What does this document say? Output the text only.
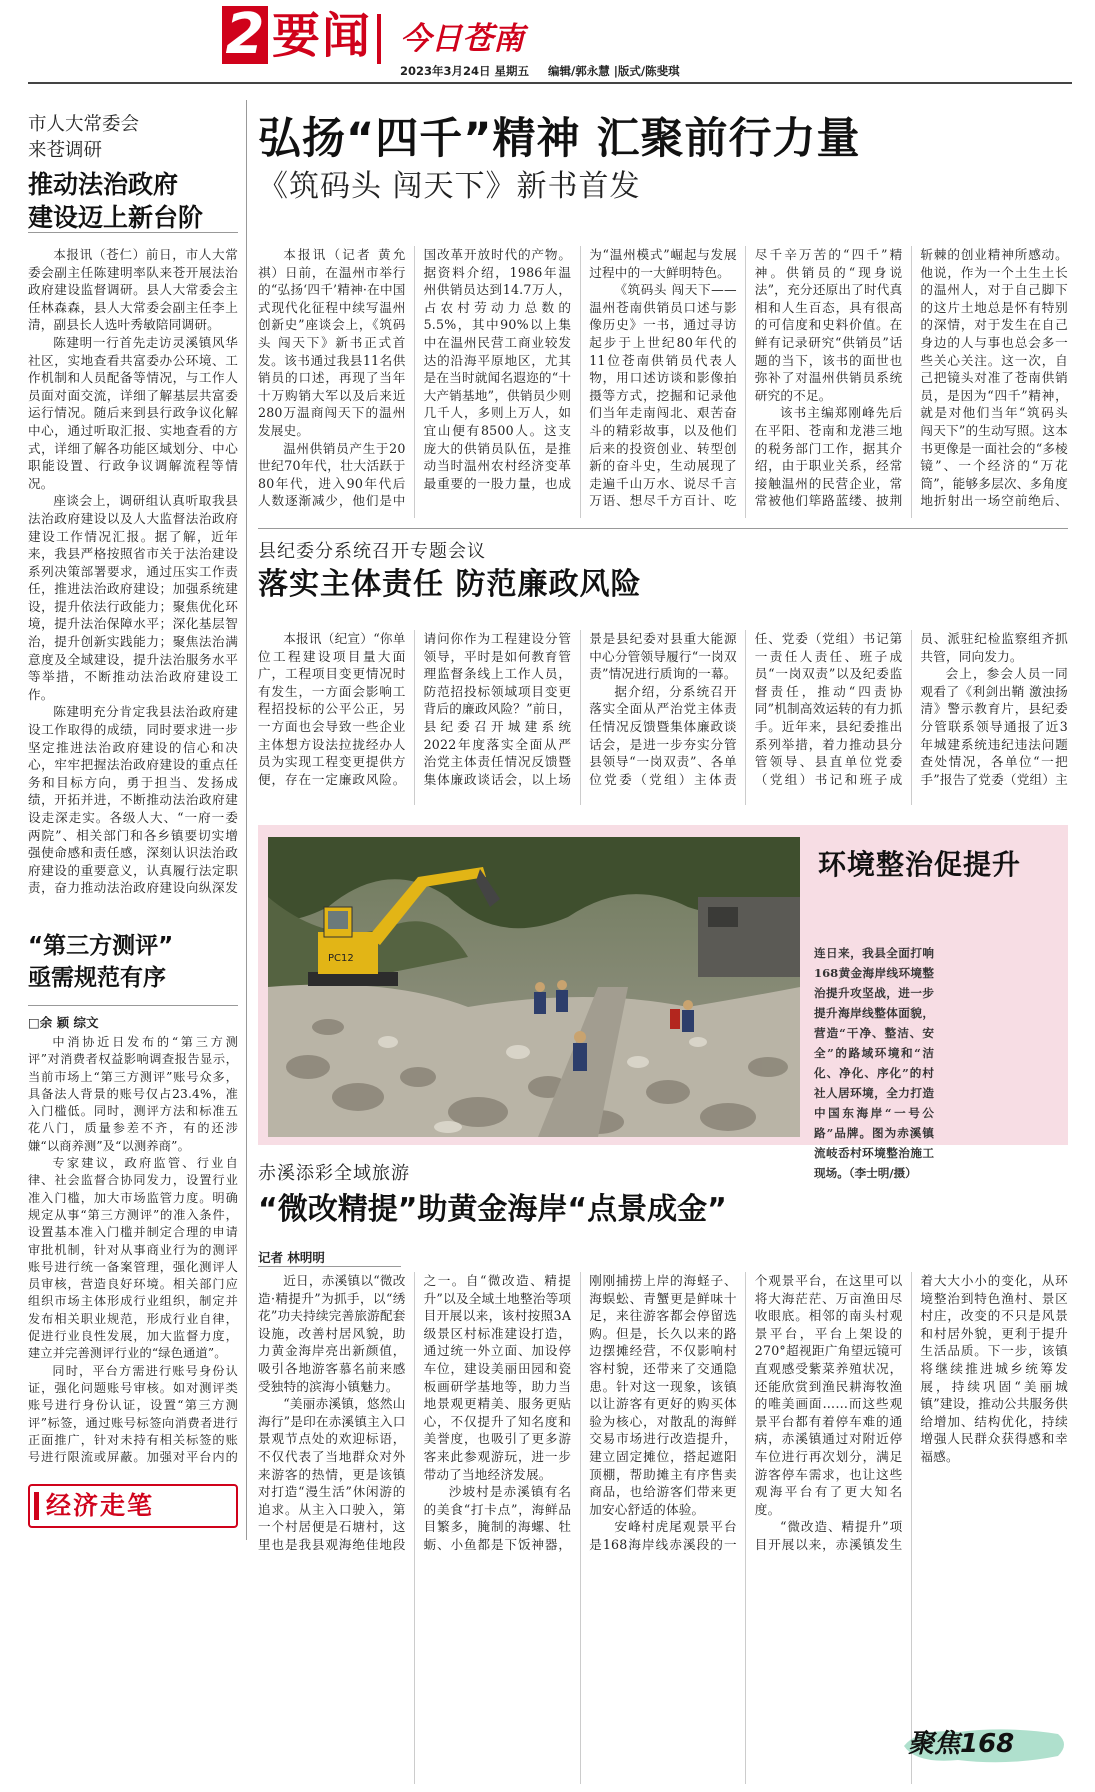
2 要闻 今日苍南
2023年3月24日 星期五 编辑/郭永慧 |版式/陈斐琪
市人大常委会
来苍调研
推动法治政府
建设迈上新台阶

本报讯（苍仁）前日，市人大常委会副主任陈建明率队来苍开展法治政府建设监督调研。县人大常委会主任林森森，县人大常委会副主任李上清，副县长人选叶秀敏陪同调研。

陈建明一行首先走访灵溪镇风华社区，实地查看共富委办公环境、工作机制和人员配备等情况，与工作人员面对面交流，详细了解基层共富委运行情况。随后来到县行政争议化解中心，通过听取汇报、实地查看的方式，详细了解各功能区域划分、中心职能设置、行政争议调解流程等情况。

座谈会上，调研组认真听取我县法治政府建设以及人大监督法治政府建设工作情况汇报。据了解，近年来，我县严格按照省市关于法治建设系列决策部署要求，通过压实工作责任，推进法治政府建设；加强系统建设，提升依法行政能力；聚焦优化环境，提升法治保障水平；深化基层智治，提升创新实践能力；聚焦法治满意度及全域建设，提升法治服务水平等举措，不断推动法治政府建设工作。

陈建明充分肯定我县法治政府建设工作取得的成绩，同时要求进一步坚定推进法治政府建设的信心和决心，牢牢把握法治政府建设的重点任务和目标方向，勇于担当、发扬成绩，开拓并进，不断推动法治政府建设走深走实。各级人大、“一府一委两院”、相关部门和各乡镇要切实增强使命感和责任感，深刻认识法治政府建设的重要意义，认真履行法定职责，奋力推动法治政府建设向纵深发

“第三方测评”
亟需规范有序
□余 颖 综文

中消协近日发布的“第三方测评”对消费者权益影响调查报告显示，当前市场上“第三方测评”账号众多，具备法人背景的账号仅占23.4%，准入门槛低。同时，测评方法和标准五花八门，质量参差不齐，有的还涉嫌“以商养测”及“以测养商”。

专家建议，政府监管、行业自律、社会监督合协同发力，设置行业准入门槛，加大市场监管力度。明确规定从事“第三方测评”的准入条件，设置基本准入门槛并制定合理的申请审批机制，针对从事商业行为的测评账号进行统一备案管理，强化测评人员审核，营造良好环境。相关部门应组织市场主体形成行业组织，制定并发布相关职业规范，形成行业自律，促进行业良性发展，加大监督力度，建立并完善测评行业的“绿色通道”。

同时，平台方需进行账号身份认证，强化问题账号审核。如对测评类账号进行身份认证，设置“第三方测评”标签，通过账号标签向消费者进行正面推广，针对未持有相关标签的账号进行限流或屏蔽。加强对平台内的

经济走笔
弘扬“四千”精神 汇聚前行力量
《筑码头 闯天下》新书首发

本报讯（记者 黄允祺）日前，在温州市举行的“弘扬‘四千’精神·在中国式现代化征程中续写温州创新史”座谈会上，《筑码头 闯天下》新书正式首发。该书通过我县11名供销员的口述，再现了当年十万购销大军以及后来近280万温商闯天下的温州发展史。

温州供销员产生于20世纪70年代，壮大活跃于80年代，进入90年代后人数逐渐减少，他们是中国改革开放时代的产物。据资料介绍，1986年温州供销员达到14.7万人，占农村劳动力总数的5.5%，其中90%以上集中在温州民营工商业较发达的沿海平原地区，尤其是在当时就闻名遐迩的“十大产销基地”，供销员少则几千人，多则上万人，如宜山便有8500人。这支庞大的供销员队伍，是推动当时温州农村经济变革最重要的一股力量，也成为“温州模式”崛起与发展过程中的一大鲜明特色。

《筑码头 闯天下——温州苍南供销员口述与影像历史》一书，通过寻访起步于上世纪80年代的11位苍南供销员代表人物，用口述访谈和影像拍摄等方式，挖掘和记录他们当年走南闯北、艰苦奋斗的精彩故事，以及他们后来的投资创业、转型创新的奋斗史，生动展现了走遍千山万水、说尽千言万语、想尽千方百计、吃尽千辛万苦的“四千”精神。供销员的“现身说法”，充分还原出了时代真相和人生百态，具有很高的可信度和史料价值。在鲜有记录研究“供销员”话题的当下，该书的面世也弥补了对温州供销员系统研究的不足。

该书主编郑刚峰先后在平阳、苍南和龙港三地的税务部门工作，据其介绍，由于职业关系，经常接触温州的民营企业，常常被他们筚路蓝缕、披荆斩棘的创业精神所感动。他说，作为一个土生土长的温州人，对于自己脚下的这片土地总是怀有特别的深情，对于发生在自己身边的人与事也总会多一些关心关注。这一次，自己把镜头对准了苍南供销员，是因为“四千”精神，就是对他们当年“筑码头 闯天下”的生动写照。这本书更像是一面社会的“多棱镜”、一个经济的“万花筒”，能够多层次、多角度地折射出一场空前绝后、

县纪委分系统召开专题会议
落实主体责任 防范廉政风险

本报讯（纪宣）“你单位工程建设项目量大面广，工程项目变更情况时有发生，一方面会影响工程招投标的公平公正，另一方面也会导致一些企业主体想方设法拉拢经办人员为实现工程变更提供方便，存在一定廉政风险。请问你作为工程建设分管领导，平时是如何教育管理监督条线上工作人员，防范招投标领域项目变更背后的廉政风险？”前日，县纪委召开城建系统2022年度落实全面从严治党主体责任情况反馈暨集体廉政谈话会，以上场景是县纪委对县重大能源中心分管领导履行“一岗双责”情况进行质询的一幕。

据介绍，分系统召开落实全面从严治党主体责任情况反馈暨集体廉政谈话会，是进一步夯实分管县领导“一岗双责”、各单位党委（党组）主体责任、党委（党组）书记第一责任人责任、班子成员“一岗双责”以及纪委监督责任，推动“四责协同”机制高效运转的有力抓手。近年来，县纪委推出系列举措，着力推动县分管领导、县直单位党委（党组）书记和班子成员、派驻纪检监察组齐抓共管，同向发力。

会上，参会人员一同观看了《利剑出鞘 激浊扬清》警示教育片，县纪委分管联系领导通报了近3年城建系统违纪违法问题查处情况，各单位“一把手”报告了党委（党组）主

PC12
环境整治促提升
连日来，我县全面打响168黄金海岸线环境整治提升攻坚战，进一步提升海岸线整体面貌，营造“干净、整洁、安全”的路域环境和“洁化、净化、序化”的村社人居环境，全力打造中国东海岸“一号公路”品牌。图为赤溪镇流岐岙村环境整治施工现场。（李士明/摄）
赤溪添彩全域旅游
“微改精提”助黄金海岸“点景成金”
记者 林明明

近日，赤溪镇以“微改造·精提升”为抓手，以“绣花”功夫持续完善旅游配套设施，改善村居风貌，助力黄金海岸亮出新颜值，吸引各地游客慕名前来感受独特的滨海小镇魅力。

“美丽赤溪镇，悠然山海行”是印在赤溪镇主入口景观节点处的欢迎标语，不仅代表了当地群众对外来游客的热情，更是该镇对打造“漫生活”休闲游的追求。从主入口驶入，第一个村居便是石塘村，这里也是我县观海绝佳地段之一。自“微改造、精提升”以及全域土地整治等项目开展以来，该村按照3A级景区村标准建设打造，通过统一外立面、加设停车位，建设美丽田园和瓷板画研学基地等，助力当地景观更精美、服务更贴心，不仅提升了知名度和美誉度，也吸引了更多游客来此参观游玩，进一步带动了当地经济发展。

沙坡村是赤溪镇有名的美食“打卡点”，海鲜品目繁多，腌制的海螺、牡蛎、小鱼都是下饭神器，刚刚捕捞上岸的海蛏子、海蜈蚣、青蟹更是鲜味十足，来往游客都会停留选购。但是，长久以来的路边摆摊经营，不仅影响村容村貌，还带来了交通隐患。针对这一现象，该镇以让游客有更好的购买体验为核心，对散乱的海鲜交易市场进行改造提升，建立固定摊位，搭起遮阳顶棚，帮助摊主有序售卖商品，也给游客们带来更加安心舒适的体验。

安峰村虎尾观景平台是168海岸线赤溪段的一个观景平台，在这里可以将大海茫茫、万亩渔田尽收眼底。相邻的南头村观景平台，平台上架设的270°超视距广角望远镜可直观感受紫菜养殖状况，还能欣赏到渔民耕海牧渔的唯美画面……而这些观景平台都有着停车难的通病，赤溪镇通过对附近停车位进行再次划分，满足游客停车需求，也让这些观海平台有了更大知名度。

“微改造、精提升”项目开展以来，赤溪镇发生着大大小小的变化，从环境整治到特色渔村、景区村庄，改变的不只是风景和村居外貌，更利于提升生活品质。下一步，该镇将继续推进城乡统筹发展，持续巩固“美丽城镇”建设，推动公共服务供给增加、结构优化，持续增强人民群众获得感和幸福感。

聚焦168
